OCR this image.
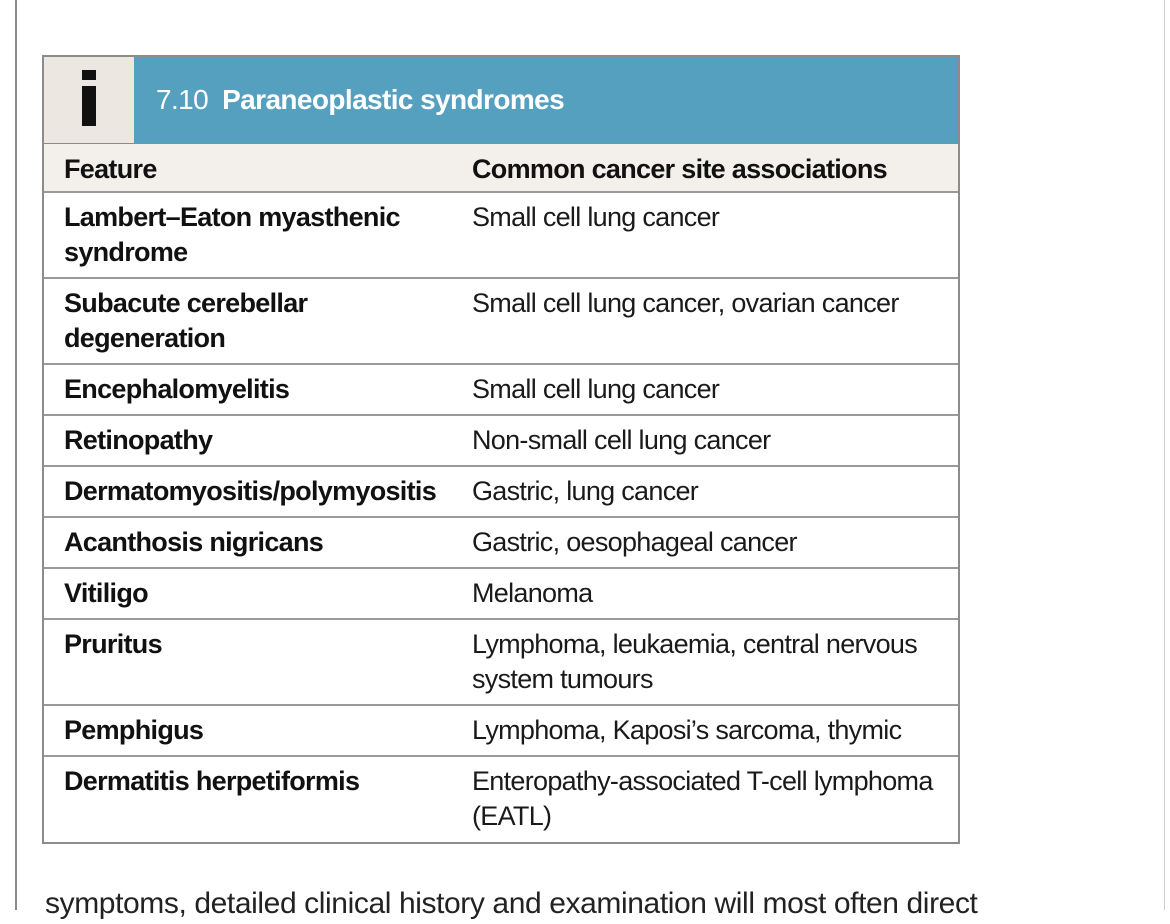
7.10 Paraneoplastic syndromes
Feature	Common cancer site associations
Lambert–Eaton myasthenic syndrome	Small cell lung cancer
Subacute cerebellar degeneration	Small cell lung cancer, ovarian cancer
Encephalomyelitis	Small cell lung cancer
Retinopathy	Non-small cell lung cancer
Dermatomyositis/polymyositis	Gastric, lung cancer
Acanthosis nigricans	Gastric, oesophageal cancer
Vitiligo	Melanoma
Pruritus	Lymphoma, leukaemia, central nervous system tumours
Pemphigus	Lymphoma, Kaposi’s sarcoma, thymic
Dermatitis herpetiformis	Enteropathy-associated T-cell lymphoma (EATL)
symptoms, detailed clinical history and examination will most often direct
